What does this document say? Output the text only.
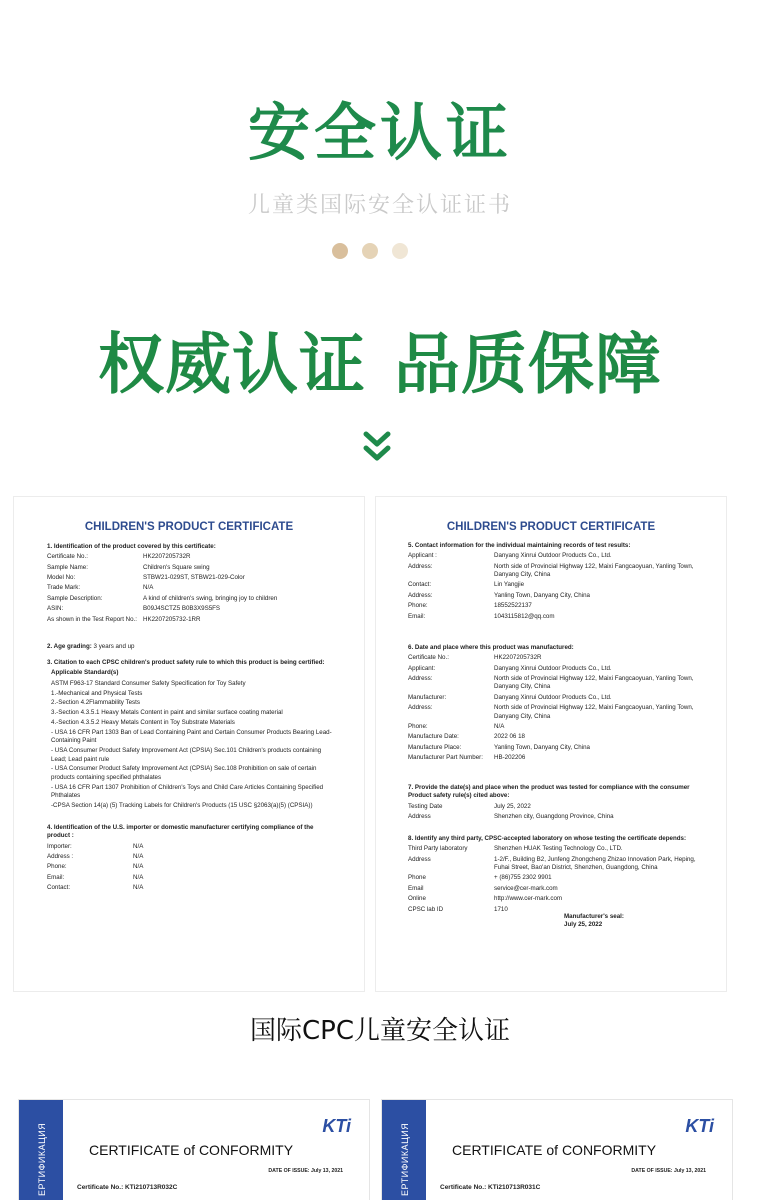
安全认证
儿童类国际安全认证证书
权威认证 品质保障
CHILDREN'S PRODUCT CERTIFICATE
1. Identification of the product covered by this certificate:
Certificate No.:	HK2207205732R
Sample Name:	Children's Square swing
Model No:	STBW21-029ST, STBW21-029-Color
Trade Mark:	N/A
Sample Description:	A kind of children's swing, bringing joy to children
ASIN:	B09J4SCTZ5 B0B3X9S5FS
As shown in the Test Report No.: HK2207205732-1RR
2. Age grading: 3 years and up
3. Citation to each CPSC children's product safety rule to which this product is being certified:
Applicable Standard(s)
ASTM F963-17 Standard Consumer Safety Specification for Toy Safety
1.-Mechanical and Physical Tests
2.-Section 4.2Flammability Tests
3.-Section 4.3.5.1 Heavy Metals Content in paint and similar surface coating material
4.-Section 4.3.5.2 Heavy Metals Content in Toy Substrate Materials
- USA 16 CFR Part 1303 Ban of Lead Containing Paint and Certain Consumer Products Bearing Lead- Containing Paint
- USA Consumer Product Safety Improvement Act (CPSIA) Sec.101 Children's products containing Lead; Lead paint rule
- USA Consumer Product Safety Improvement Act (CPSIA) Sec.108 Prohibition on sale of certain products containing specified phthalates
- USA 16 CFR Part 1307 Prohibition of Children's Toys and Child Care Articles Containing Specified Phthalates
-CPSA Section 14(a) (5) Tracking Labels for Children's Products (15 USC §2063(a)(5) (CPSIA))
4. Identification of the U.S. importer or domestic manufacturer certifying compliance of the product :
Importer:	N/A
Address :	N/A
Phone:	N/A
Email:	N/A
Contact:	N/A
CHILDREN'S PRODUCT CERTIFICATE
5. Contact information for the individual maintaining records of test results:
Applicant :	Danyang Xinrui Outdoor Products Co., Ltd.
Address:	North side of Provincial Highway 122, Maixi Fangcaoyuan, Yanling Town, Danyang City, China
Contact:	Lin Yangjie
Address:	Yanling Town, Danyang City, China
Phone:	18552522137
Email:	1043115812@qq.com
6. Date and place where this product was manufactured:
Certificate No.:	HK2207205732R
Applicant:	Danyang Xinrui Outdoor Products Co., Ltd.
Address:	North side of Provincial Highway 122, Maixi Fangcaoyuan, Yanling Town, Danyang City, China
Manufacturer:	Danyang Xinrui Outdoor Products Co., Ltd.
Address:	North side of Provincial Highway 122, Maixi Fangcaoyuan, Yanling Town, Danyang City, China
Phone:	N/A
Manufacture Date:	2022 06 18
Manufacture Place:	Yanling Town, Danyang City, China
Manufacturer Part Number:	HB-202206
7. Provide the date(s) and place when the product was tested for compliance with the consumer Product safety rule(s) cited above:
Testing Date	July 25, 2022
Address	Shenzhen city, Guangdong Province, China
8. Identify any third party, CPSC-accepted laboratory on whose testing the certificate depends:
Third Party laboratory	Shenzhen HUAK Testing Technology Co., LTD.
Address	1-2/F., Building B2, Junfeng Zhongcheng Zhizao Innovation Park, Heping, Fuhai Street, Bao'an District, Shenzhen, Guangdong, China
Phone	+ (86)755 2302 9901
Email	service@cer-mark.com
Online	http://www.cer-mark.com
CPSC lab ID	1710
Manufacturer's seal:
July 25, 2022
国际CPC儿童安全认证
ЕРТИФИКАЦИЯ	KTi
CERTIFICATE of CONFORMITY
DATE OF ISSUE: July 13, 2021
Certificate No.: KTi210713R032C	ЕРТИФИКАЦИЯ	KTi
CERTIFICATE of CONFORMITY
DATE OF ISSUE: July 13, 2021
Certificate No.: KTi210713R031C
